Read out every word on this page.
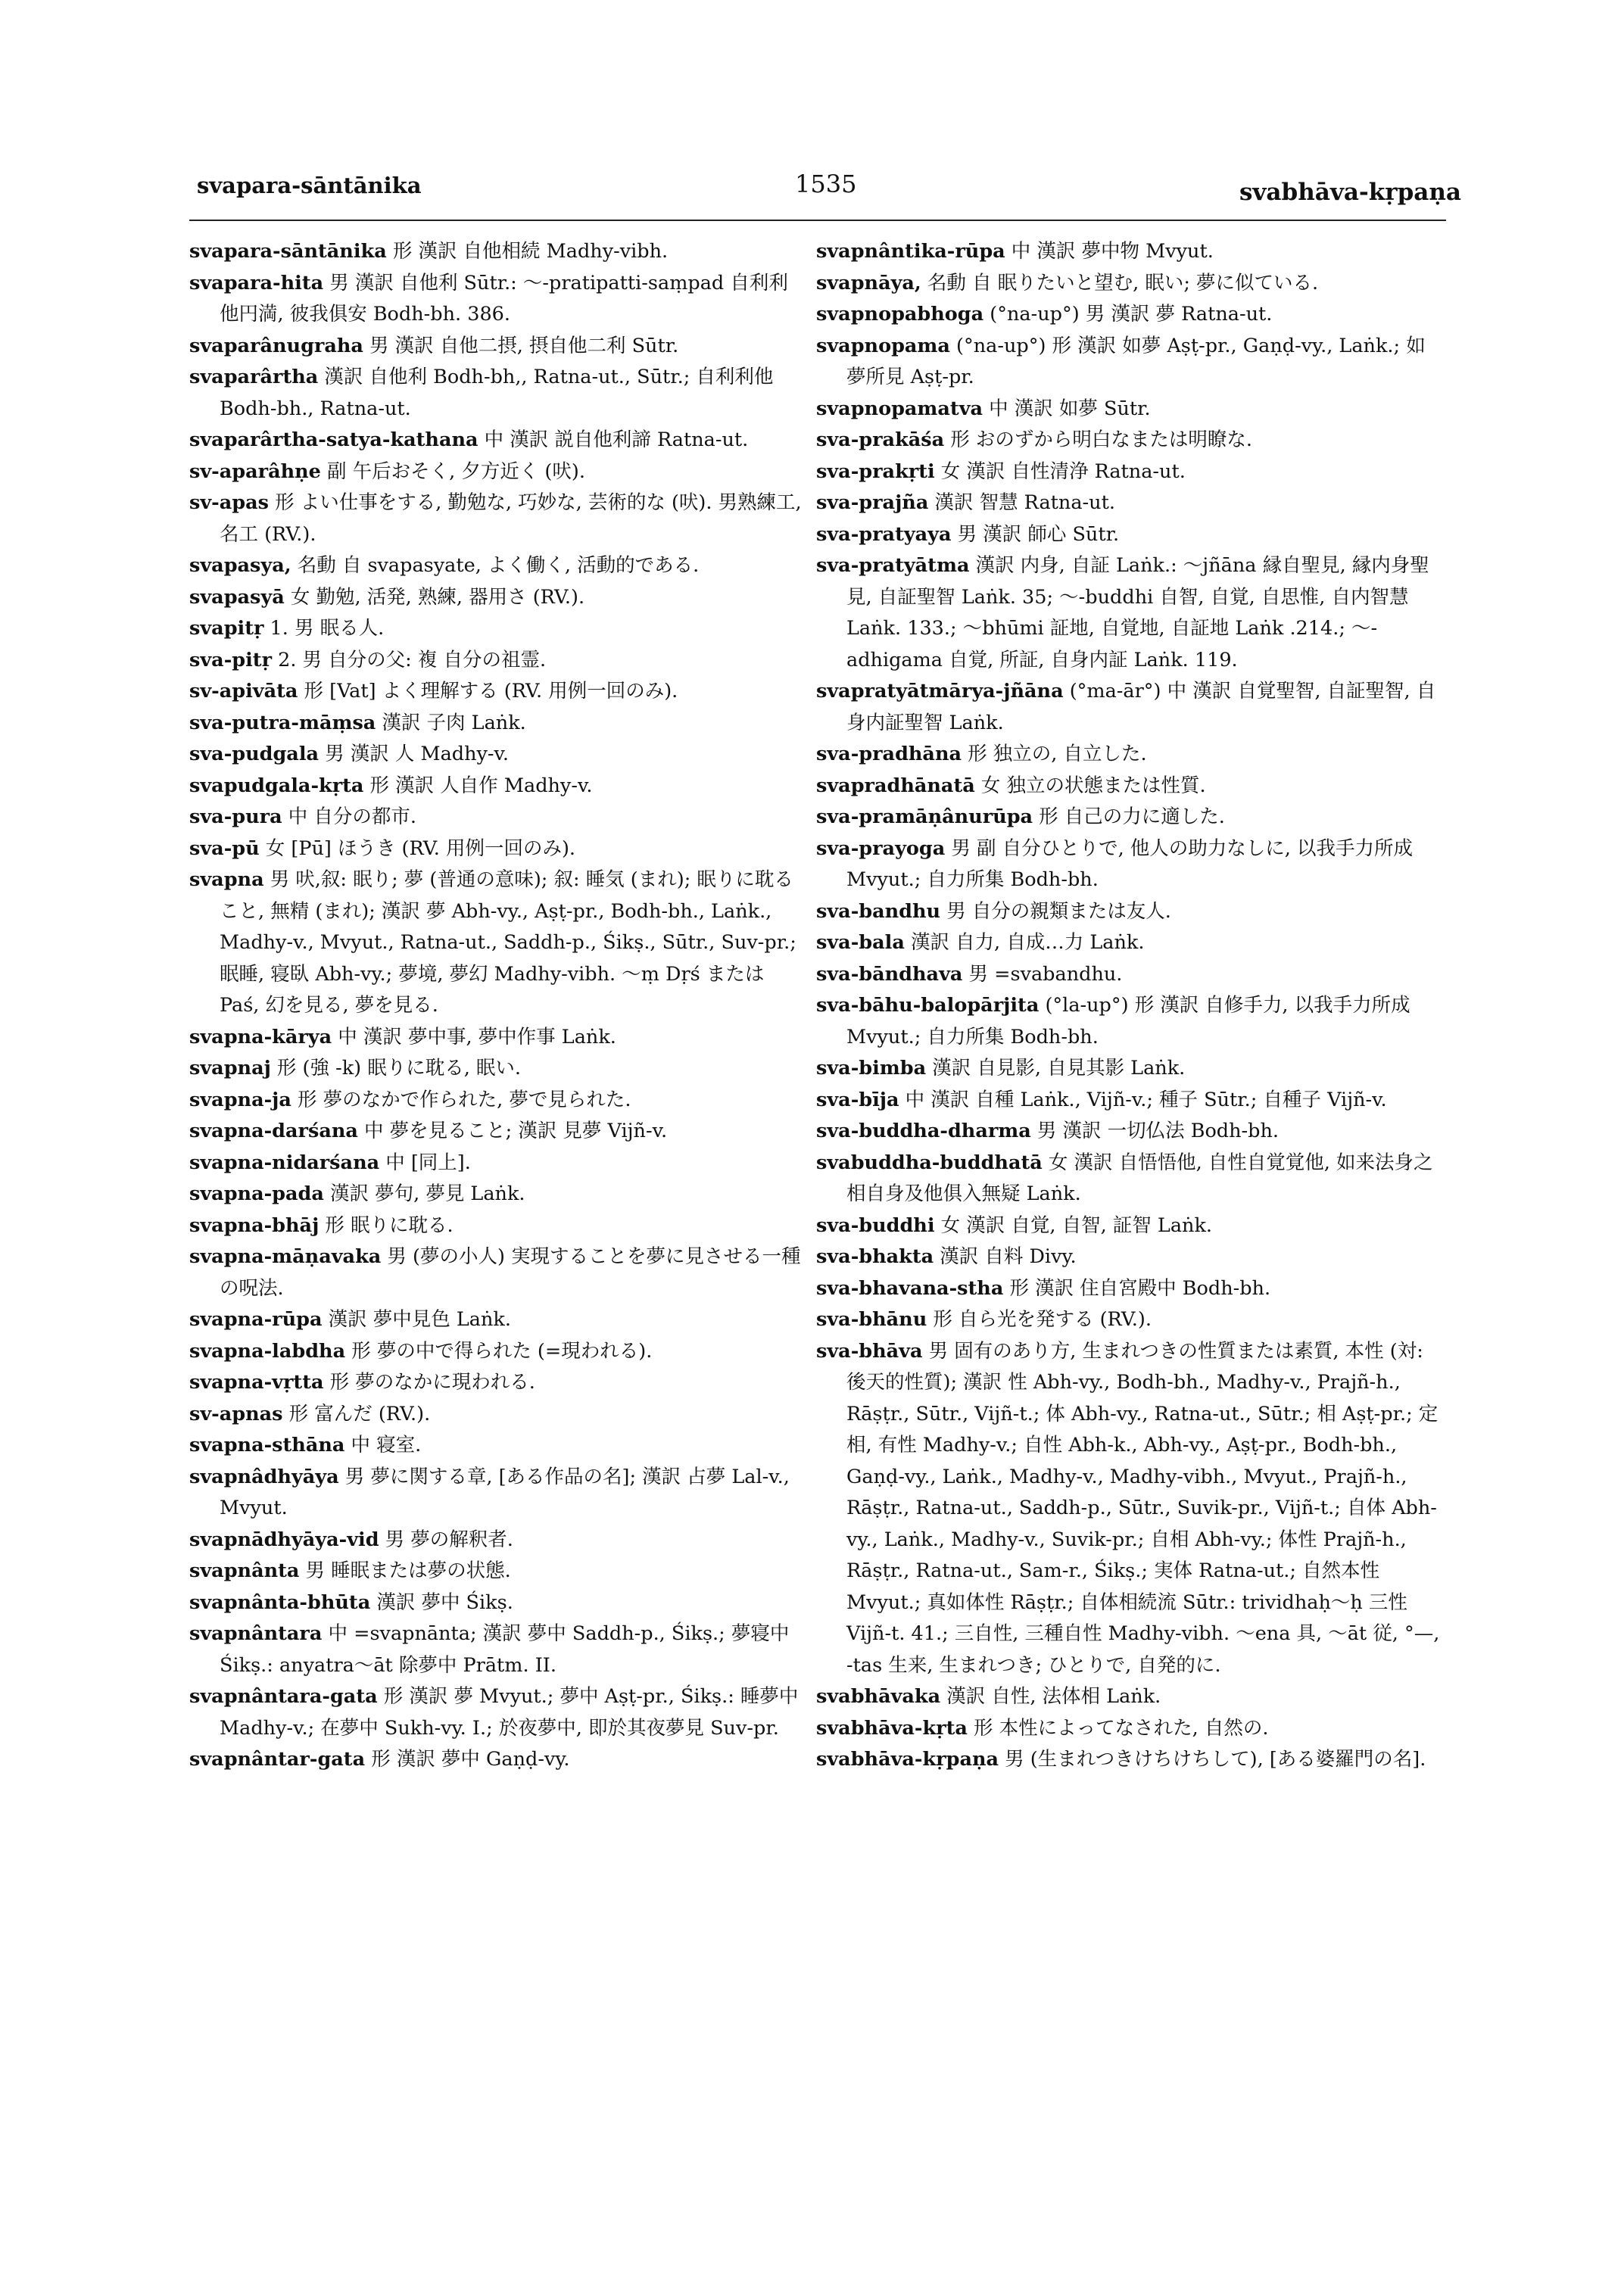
svapara-sāntānika	1535	svabhāva-kṛpaṇa

svapara-sāntānika 形 漢訳 自他相続 Madhy-vibh.

svapara-hita 男 漢訳 自他利 Sūtr.: ～-pratipatti-saṃpad 自利利他円満, 彼我俱安 Bodh-bh. 386.

svaparânugraha 男 漢訳 自他二摂, 摂自他二利 Sūtr.

svaparârtha 漢訳 自他利 Bodh-bh,, Ratna-ut., Sūtr.; 自利利他 Bodh-bh., Ratna-ut.

svaparârtha-satya-kathana 中 漢訳 説自他利諦 Ratna-ut.

sv-aparâhṇe 副 午后おそく, 夕方近く (吠).

sv-apas 形 よい仕事をする, 勤勉な, 巧妙な, 芸術的な (吠). 男熟練工, 名工 (RV.).

svapasya, 名動 自 svapasyate, よく働く, 活動的である.

svapasyā 女 勤勉, 活発, 熟練, 器用さ (RV.).

svapitṛ 1. 男 眠る人.

sva-pitṛ 2. 男 自分の父: 複 自分の祖霊.

sv-apivāta 形 [Vat] よく理解する (RV. 用例一回のみ).

sva-putra-māṃsa 漢訳 子肉 Laṅk.

sva-pudgala 男 漢訳 人 Madhy-v.

svapudgala-kṛta 形 漢訳 人自作 Madhy-v.

sva-pura 中 自分の都市.

sva-pū 女 [Pū] ほうき (RV. 用例一回のみ).

svapna 男 吠,叙: 眠り; 夢 (普通の意味); 叙: 睡気 (まれ); 眠りに耽ること, 無精 (まれ); 漢訳 夢 Abh-vy., Aṣṭ-pr., Bodh-bh., Laṅk., Madhy-v., Mvyut., Ratna-ut., Saddh-p., Śikṣ., Sūtr., Suv-pr.; 眠睡, 寝臥 Abh-vy.; 夢境, 夢幻 Madhy-vibh. ～ṃ Dṛś または Paś, 幻を見る, 夢を見る.

svapna-kārya 中 漢訳 夢中事, 夢中作事 Laṅk.

svapnaj 形 (強 -k) 眠りに耽る, 眠い.

svapna-ja 形 夢のなかで作られた, 夢で見られた.

svapna-darśana 中 夢を見ること; 漢訳 見夢 Vijñ-v.

svapna-nidarśana 中 [同上].

svapna-pada 漢訳 夢句, 夢見 Laṅk.

svapna-bhāj 形 眠りに耽る.

svapna-māṇavaka 男 (夢の小人) 実現することを夢に見させる一種の呪法.

svapna-rūpa 漢訳 夢中見色 Laṅk.

svapna-labdha 形 夢の中で得られた (=現われる).

svapna-vṛtta 形 夢のなかに現われる.

sv-apnas 形 富んだ (RV.).

svapna-sthāna 中 寝室.

svapnâdhyāya 男 夢に関する章, [ある作品の名]; 漢訳 占夢 Lal-v., Mvyut.

svapnādhyāya-vid 男 夢の解釈者.

svapnânta 男 睡眠または夢の状態.

svapnânta-bhūta 漢訳 夢中 Śikṣ.

svapnântara 中 =svapnānta; 漢訳 夢中 Saddh-p., Śikṣ.; 夢寝中 Śikṣ.: anyatra～āt 除夢中 Prātm. II.

svapnântara-gata 形 漢訳 夢 Mvyut.; 夢中 Aṣṭ-pr., Śikṣ.: 睡夢中 Madhy-v.; 在夢中 Sukh-vy. I.; 於夜夢中, 即於其夜夢見 Suv-pr.

svapnântar-gata 形 漢訳 夢中 Gaṇḍ-vy.

svapnântika-rūpa 中 漢訳 夢中物 Mvyut.

svapnāya, 名動 自 眠りたいと望む, 眠い; 夢に似ている.

svapnopabhoga (°na-up°) 男 漢訳 夢 Ratna-ut.

svapnopama (°na-up°) 形 漢訳 如夢 Aṣṭ-pr., Gaṇḍ-vy., Laṅk.; 如夢所見 Aṣṭ-pr.

svapnopamatva 中 漢訳 如夢 Sūtr.

sva-prakāśa 形 おのずから明白なまたは明瞭な.

sva-prakṛti 女 漢訳 自性清浄 Ratna-ut.

sva-prajña 漢訳 智慧 Ratna-ut.

sva-pratyaya 男 漢訳 師心 Sūtr.

sva-pratyātma 漢訳 内身, 自証 Laṅk.: ～jñāna 縁自聖見, 縁内身聖見, 自証聖智 Laṅk. 35; ～-buddhi 自智, 自覚, 自思惟, 自内智慧 Laṅk. 133.; ～bhūmi 証地, 自覚地, 自証地 Laṅk .214.; ～-adhigama 自覚, 所証, 自身内証 Laṅk. 119.

svapratyātmārya-jñāna (°ma-ār°) 中 漢訳 自覚聖智, 自証聖智, 自身内証聖智 Laṅk.

sva-pradhāna 形 独立の, 自立した.

svapradhānatā 女 独立の状態または性質.

sva-pramāṇânurūpa 形 自己の力に適した.

sva-prayoga 男 副 自分ひとりで, 他人の助力なしに, 以我手力所成 Mvyut.; 自力所集 Bodh-bh.

sva-bandhu 男 自分の親類または友人.

sva-bala 漢訳 自力, 自成…力 Laṅk.

sva-bāndhava 男 =svabandhu.

sva-bāhu-balopārjita (°la-up°) 形 漢訳 自修手力, 以我手力所成 Mvyut.; 自力所集 Bodh-bh.

sva-bimba 漢訳 自見影, 自見其影 Laṅk.

sva-bīja 中 漢訳 自種 Laṅk., Vijñ-v.; 種子 Sūtr.; 自種子 Vijñ-v.

sva-buddha-dharma 男 漢訳 一切仏法 Bodh-bh.

svabuddha-buddhatā 女 漢訳 自悟悟他, 自性自覚覚他, 如来法身之相自身及他俱入無疑 Laṅk.

sva-buddhi 女 漢訳 自覚, 自智, 証智 Laṅk.

sva-bhakta 漢訳 自料 Divy.

sva-bhavana-stha 形 漢訳 住自宮殿中 Bodh-bh.

sva-bhānu 形 自ら光を発する (RV.).

sva-bhāva 男 固有のあり方, 生まれつきの性質または素質, 本性 (対: 後天的性質); 漢訳 性 Abh-vy., Bodh-bh., Madhy-v., Prajñ-h., Rāṣṭr., Sūtr., Vijñ-t.; 体 Abh-vy., Ratna-ut., Sūtr.; 相 Aṣṭ-pr.; 定相, 有性 Madhy-v.; 自性 Abh-k., Abh-vy., Aṣṭ-pr., Bodh-bh., Gaṇḍ-vy., Laṅk., Madhy-v., Madhy-vibh., Mvyut., Prajñ-h., Rāṣṭr., Ratna-ut., Saddh-p., Sūtr., Suvik-pr., Vijñ-t.; 自体 Abh-vy., Laṅk., Madhy-v., Suvik-pr.; 自相 Abh-vy.; 体性 Prajñ-h., Rāṣṭr., Ratna-ut., Sam-r., Śikṣ.; 実体 Ratna-ut.; 自然本性 Mvyut.; 真如体性 Rāṣṭr.; 自体相続流 Sūtr.: trividhaḥ～ḥ 三性 Vijñ-t. 41.; 三自性, 三種自性 Madhy-vibh. ～ena 具, ～āt 従, °—, -tas 生来, 生まれつき; ひとりで, 自発的に.

svabhāvaka 漢訳 自性, 法体相 Laṅk.

svabhāva-kṛta 形 本性によってなされた, 自然の.

svabhāva-kṛpaṇa 男 (生まれつきけちけちして), [ある婆羅門の名].
